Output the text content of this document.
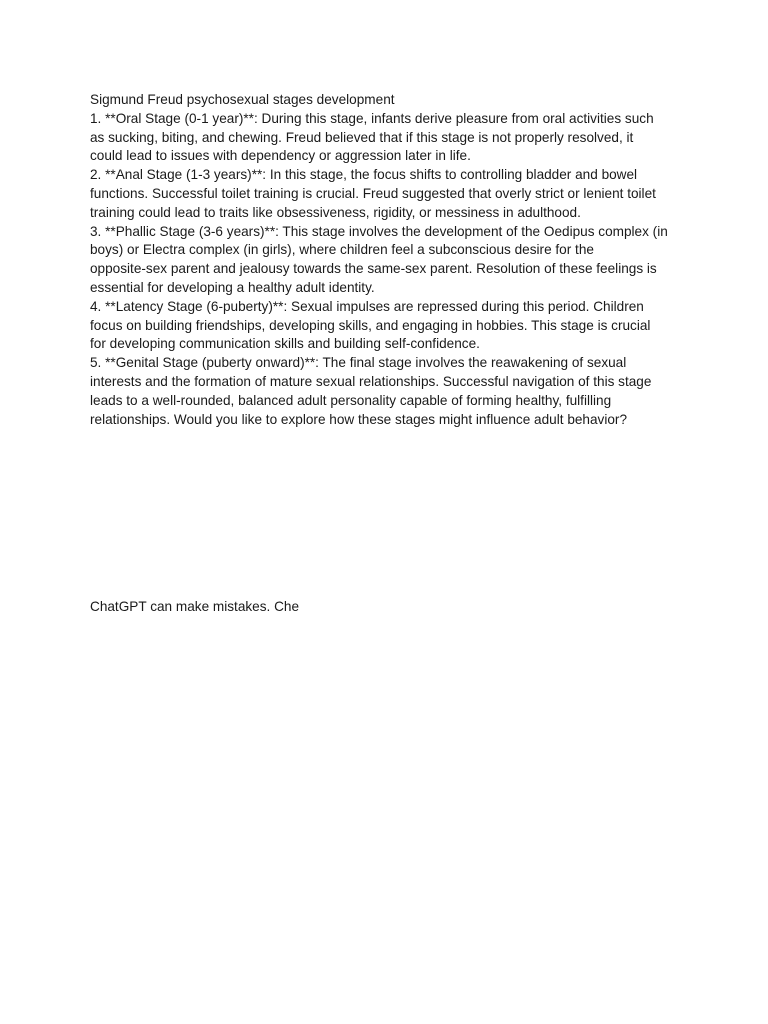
Sigmund Freud psychosexual stages development

1. **Oral Stage (0-1 year)**: During this stage, infants derive pleasure from oral activities such

as sucking, biting, and chewing. Freud believed that if this stage is not properly resolved, it

could lead to issues with dependency or aggression later in life.

2. **Anal Stage (1-3 years)**: In this stage, the focus shifts to controlling bladder and bowel

functions. Successful toilet training is crucial. Freud suggested that overly strict or lenient toilet

training could lead to traits like obsessiveness, rigidity, or messiness in adulthood.

3. **Phallic Stage (3-6 years)**: This stage involves the development of the Oedipus complex (in

boys) or Electra complex (in girls), where children feel a subconscious desire for the

opposite-sex parent and jealousy towards the same-sex parent. Resolution of these feelings is

essential for developing a healthy adult identity.

4. **Latency Stage (6-puberty)**: Sexual impulses are repressed during this period. Children

focus on building friendships, developing skills, and engaging in hobbies. This stage is crucial

for developing communication skills and building self-confidence.

5. **Genital Stage (puberty onward)**: The final stage involves the reawakening of sexual

interests and the formation of mature sexual relationships. Successful navigation of this stage

leads to a well-rounded, balanced adult personality capable of forming healthy, fulfilling

relationships. Would you like to explore how these stages might influence adult behavior?

ChatGPT can make mistakes. Che
